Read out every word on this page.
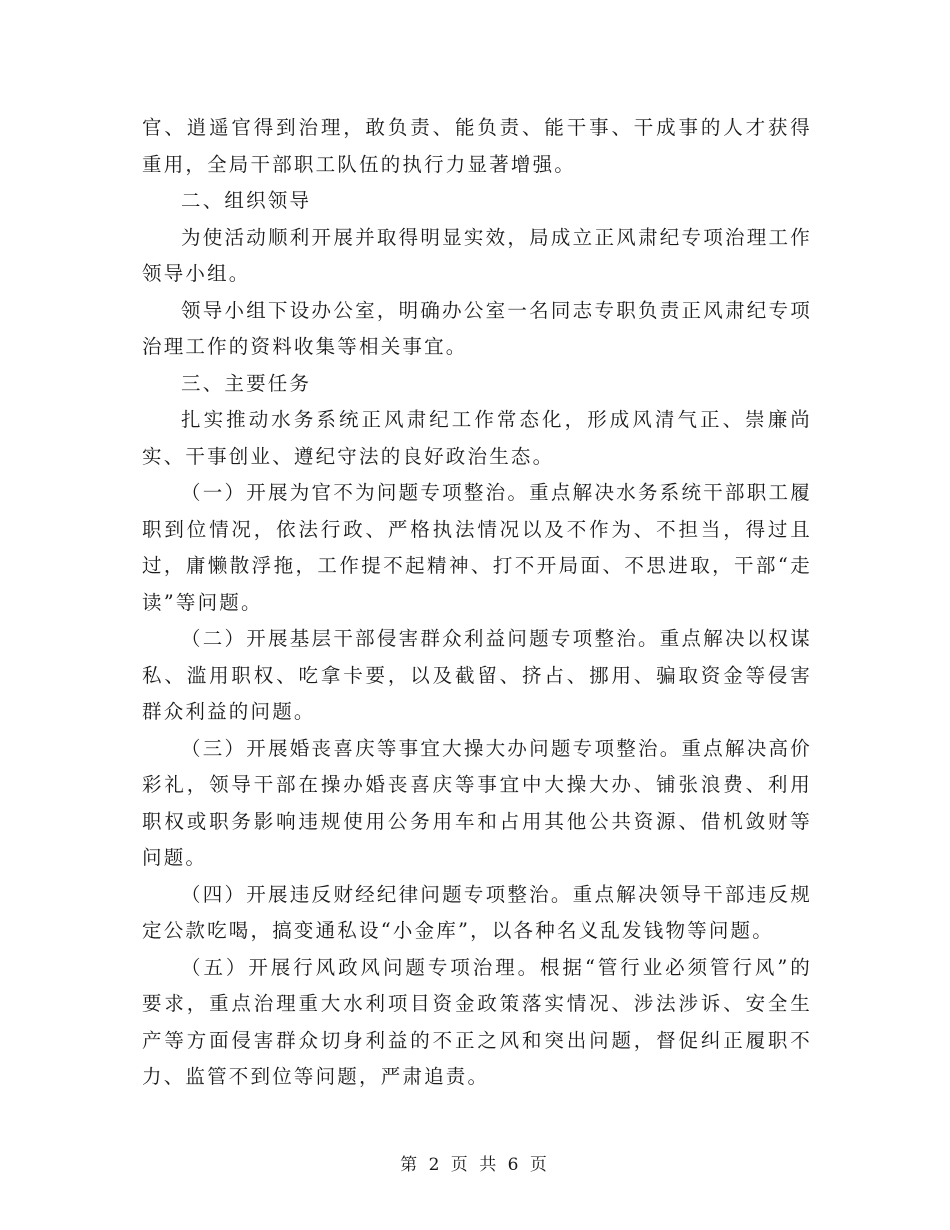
官、逍遥官得到治理，敢负责、能负责、能干事、干成事的人才获得重用，全局干部职工队伍的执行力显著增强。

二、组织领导

为使活动顺利开展并取得明显实效，局成立正风肃纪专项治理工作领导小组。

领导小组下设办公室，明确办公室一名同志专职负责正风肃纪专项治理工作的资料收集等相关事宜。

三、主要任务

扎实推动水务系统正风肃纪工作常态化，形成风清气正、崇廉尚实、干事创业、遵纪守法的良好政治生态。

（一）开展为官不为问题专项整治。重点解决水务系统干部职工履职到位情况，依法行政、严格执法情况以及不作为、不担当，得过且过，庸懒散浮拖，工作提不起精神、打不开局面、不思进取，干部“走读”等问题。

（二）开展基层干部侵害群众利益问题专项整治。重点解决以权谋私、滥用职权、吃拿卡要，以及截留、挤占、挪用、骗取资金等侵害群众利益的问题。

（三）开展婚丧喜庆等事宜大操大办问题专项整治。重点解决高价彩礼，领导干部在操办婚丧喜庆等事宜中大操大办、铺张浪费、利用职权或职务影响违规使用公务用车和占用其他公共资源、借机敛财等问题。

（四）开展违反财经纪律问题专项整治。重点解决领导干部违反规定公款吃喝，搞变通私设“小金库”，以各种名义乱发钱物等问题。

（五）开展行风政风问题专项治理。根据“管行业必须管行风”的要求，重点治理重大水利项目资金政策落实情况、涉法涉诉、安全生产等方面侵害群众切身利益的不正之风和突出问题，督促纠正履职不力、监管不到位等问题，严肃追责。

第 2 页 共 6 页
